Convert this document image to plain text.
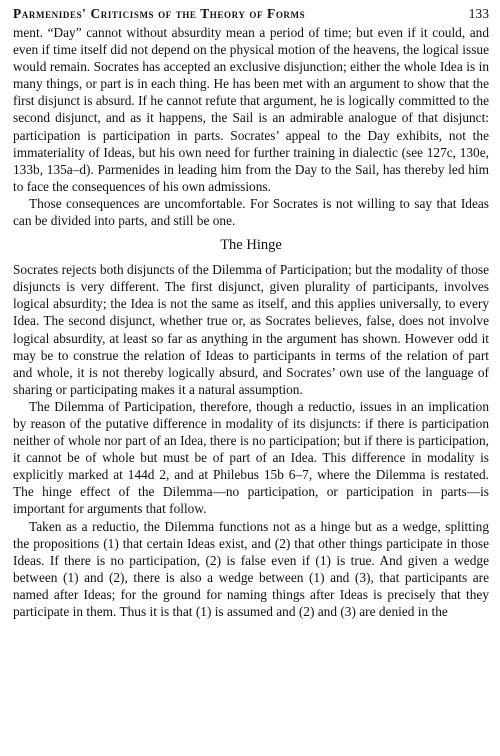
Parmenides' Criticisms of the Theory of Forms	133

ment. “Day” cannot without absurdity mean a period of time; but even if it could, and even if time itself did not depend on the physical motion of the heavens, the logical issue would remain. Socrates has accepted an exclusive disjunction; either the whole Idea is in many things, or part is in each thing. He has been met with an argument to show that the first disjunct is absurd. If he cannot refute that argument, he is logically committed to the second disjunct, and as it happens, the Sail is an admirable analogue of that disjunct: participation is participation in parts. Socrates’ appeal to the Day exhibits, not the immateriality of Ideas, but his own need for further training in dialectic (see 127c, 130e, 133b, 135a–d). Parmenides in leading him from the Day to the Sail, has thereby led him to face the consequences of his own admissions.

Those consequences are uncomfortable. For Socrates is not willing to say that Ideas can be divided into parts, and still be one.

The Hinge

Socrates rejects both disjuncts of the Dilemma of Participation; but the modality of those disjuncts is very different. The first disjunct, given plurality of participants, involves logical absurdity; the Idea is not the same as itself, and this applies universally, to every Idea. The second disjunct, whether true or, as Socrates believes, false, does not involve logical absurdity, at least so far as anything in the argument has shown. However odd it may be to construe the relation of Ideas to participants in terms of the relation of part and whole, it is not thereby logically absurd, and Socrates’ own use of the language of sharing or participating makes it a natural assumption.

The Dilemma of Participation, therefore, though a reductio, issues in an implication by reason of the putative difference in modality of its disjuncts: if there is participation neither of whole nor part of an Idea, there is no participation; but if there is participation, it cannot be of whole but must be of part of an Idea. This difference in modality is explicitly marked at 144d 2, and at Philebus 15b 6–7, where the Dilemma is restated. The hinge effect of the Dilemma—no participation, or participation in parts—is important for arguments that follow.

Taken as a reductio, the Dilemma functions not as a hinge but as a wedge, splitting the propositions (1) that certain Ideas exist, and (2) that other things participate in those Ideas. If there is no participation, (2) is false even if (1) is true. And given a wedge between (1) and (2), there is also a wedge between (1) and (3), that participants are named after Ideas; for the ground for naming things after Ideas is precisely that they participate in them. Thus it is that (1) is assumed and (2) and (3) are denied in the
